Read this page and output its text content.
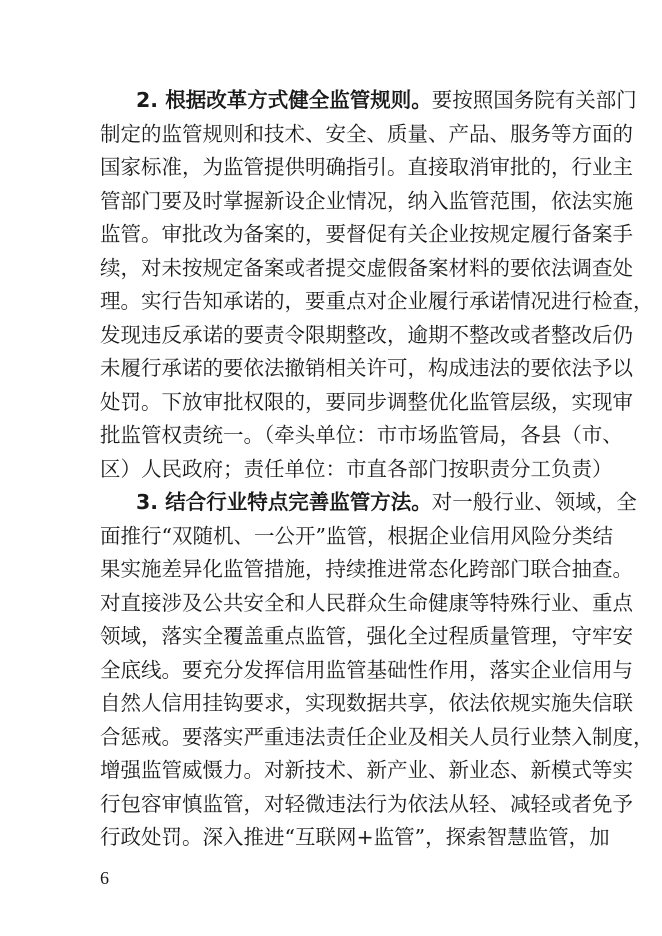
2. 根据改革方式健全监管规则。要按照国务院有关部门
制定的监管规则和技术、安全、质量、产品、服务等方面的
国家标准，为监管提供明确指引。直接取消审批的，行业主
管部门要及时掌握新设企业情况，纳入监管范围，依法实施
监管。审批改为备案的，要督促有关企业按规定履行备案手
续，对未按规定备案或者提交虚假备案材料的要依法调查处
理。实行告知承诺的，要重点对企业履行承诺情况进行检查，
发现违反承诺的要责令限期整改，逾期不整改或者整改后仍
未履行承诺的要依法撤销相关许可，构成违法的要依法予以
处罚。下放审批权限的，要同步调整优化监管层级，实现审
批监管权责统一。（牵头单位：市市场监管局，各县（市、
区）人民政府；责任单位：市直各部门按职责分工负责）
3. 结合行业特点完善监管方法。对一般行业、领域，全
面推行“双随机、一公开”监管，根据企业信用风险分类结
果实施差异化监管措施，持续推进常态化跨部门联合抽查。
对直接涉及公共安全和人民群众生命健康等特殊行业、重点
领域，落实全覆盖重点监管，强化全过程质量管理，守牢安
全底线。要充分发挥信用监管基础性作用，落实企业信用与
自然人信用挂钩要求，实现数据共享，依法依规实施失信联
合惩戒。要落实严重违法责任企业及相关人员行业禁入制度，
增强监管威慑力。对新技术、新产业、新业态、新模式等实
行包容审慎监管，对轻微违法行为依法从轻、减轻或者免予
行政处罚。深入推进“互联网+监管”，探索智慧监管，加
6
